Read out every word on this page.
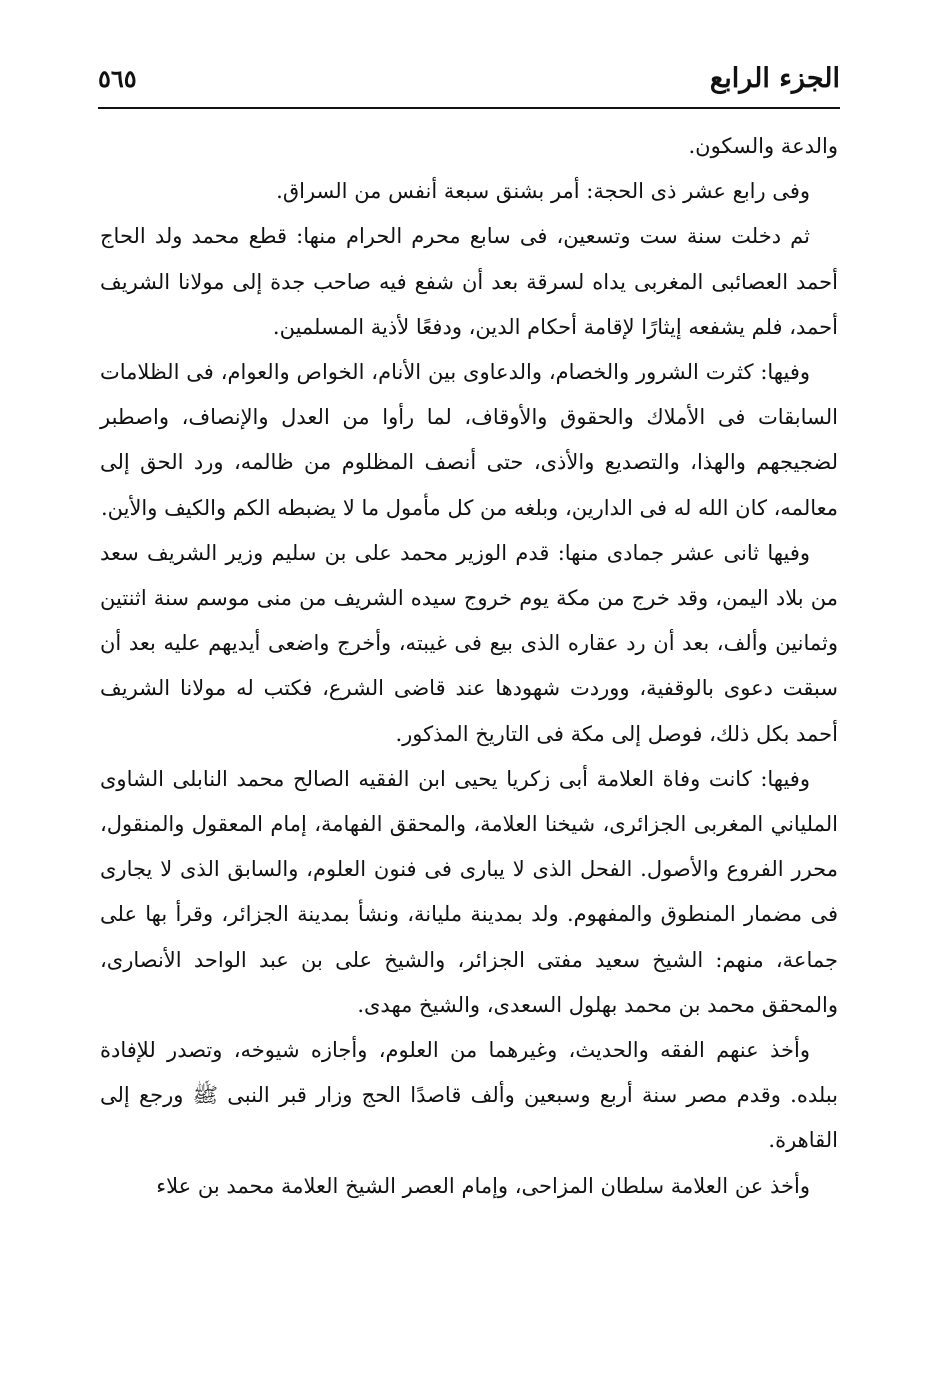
الجزء الرابع
٥٦٥

والدعة والسكون.

وفى رابع عشر ذى الحجة: أمر بشنق سبعة أنفس من السراق.

ثم دخلت سنة ست وتسعين، فى سابع محرم الحرام منها: قطع محمد ولد الحاج أحمد العصائبى المغربى يداه لسرقة بعد أن شفع فيه صاحب جدة إلى مولانا الشريف أحمد، فلم يشفعه إيثارًا لإقامة أحكام الدين، ودفعًا لأذية المسلمين.

وفيها: كثرت الشرور والخصام، والدعاوى بين الأنام، الخواص والعوام، فى الظلامات السابقات فى الأملاك والحقوق والأوقاف، لما رأوا من العدل والإنصاف، واصطبر لضجيجهم والهذا، والتصديع والأذى، حتى أنصف المظلوم من ظالمه، ورد الحق إلى معالمه، كان الله له فى الدارين، وبلغه من كل مأمول ما لا يضبطه الكم والكيف والأين.

وفيها ثانى عشر جمادى منها: قدم الوزير محمد على بن سليم وزير الشريف سعد من بلاد اليمن، وقد خرج من مكة يوم خروج سيده الشريف من منى موسم سنة اثنتين وثمانين وألف، بعد أن رد عقاره الذى بيع فى غيبته، وأخرج واضعى أيديهم عليه بعد أن سبقت دعوى بالوقفية، ووردت شهودها عند قاضى الشرع، فكتب له مولانا الشريف أحمد بكل ذلك، فوصل إلى مكة فى التاريخ المذكور.

وفيها: كانت وفاة العلامة أبى زكريا يحيى ابن الفقيه الصالح محمد النابلى الشاوى الملياني المغربى الجزائرى، شيخنا العلامة، والمحقق الفهامة، إمام المعقول والمنقول، محرر الفروع والأصول. الفحل الذى لا يبارى فى فنون العلوم، والسابق الذى لا يجارى فى مضمار المنطوق والمفهوم. ولد بمدينة مليانة، ونشأ بمدينة الجزائر، وقرأ بها على جماعة، منهم: الشيخ سعيد مفتى الجزائر، والشيخ على بن عبد الواحد الأنصارى، والمحقق محمد بن محمد بهلول السعدى، والشيخ مهدى.

وأخذ عنهم الفقه والحديث، وغيرهما من العلوم، وأجازه شيوخه، وتصدر للإفادة ببلده. وقدم مصر سنة أربع وسبعين وألف قاصدًا الحج وزار قبر النبى ﷺ ورجع إلى القاهرة.

وأخذ عن العلامة سلطان المزاحى، وإمام العصر الشيخ العلامة محمد بن علاء
